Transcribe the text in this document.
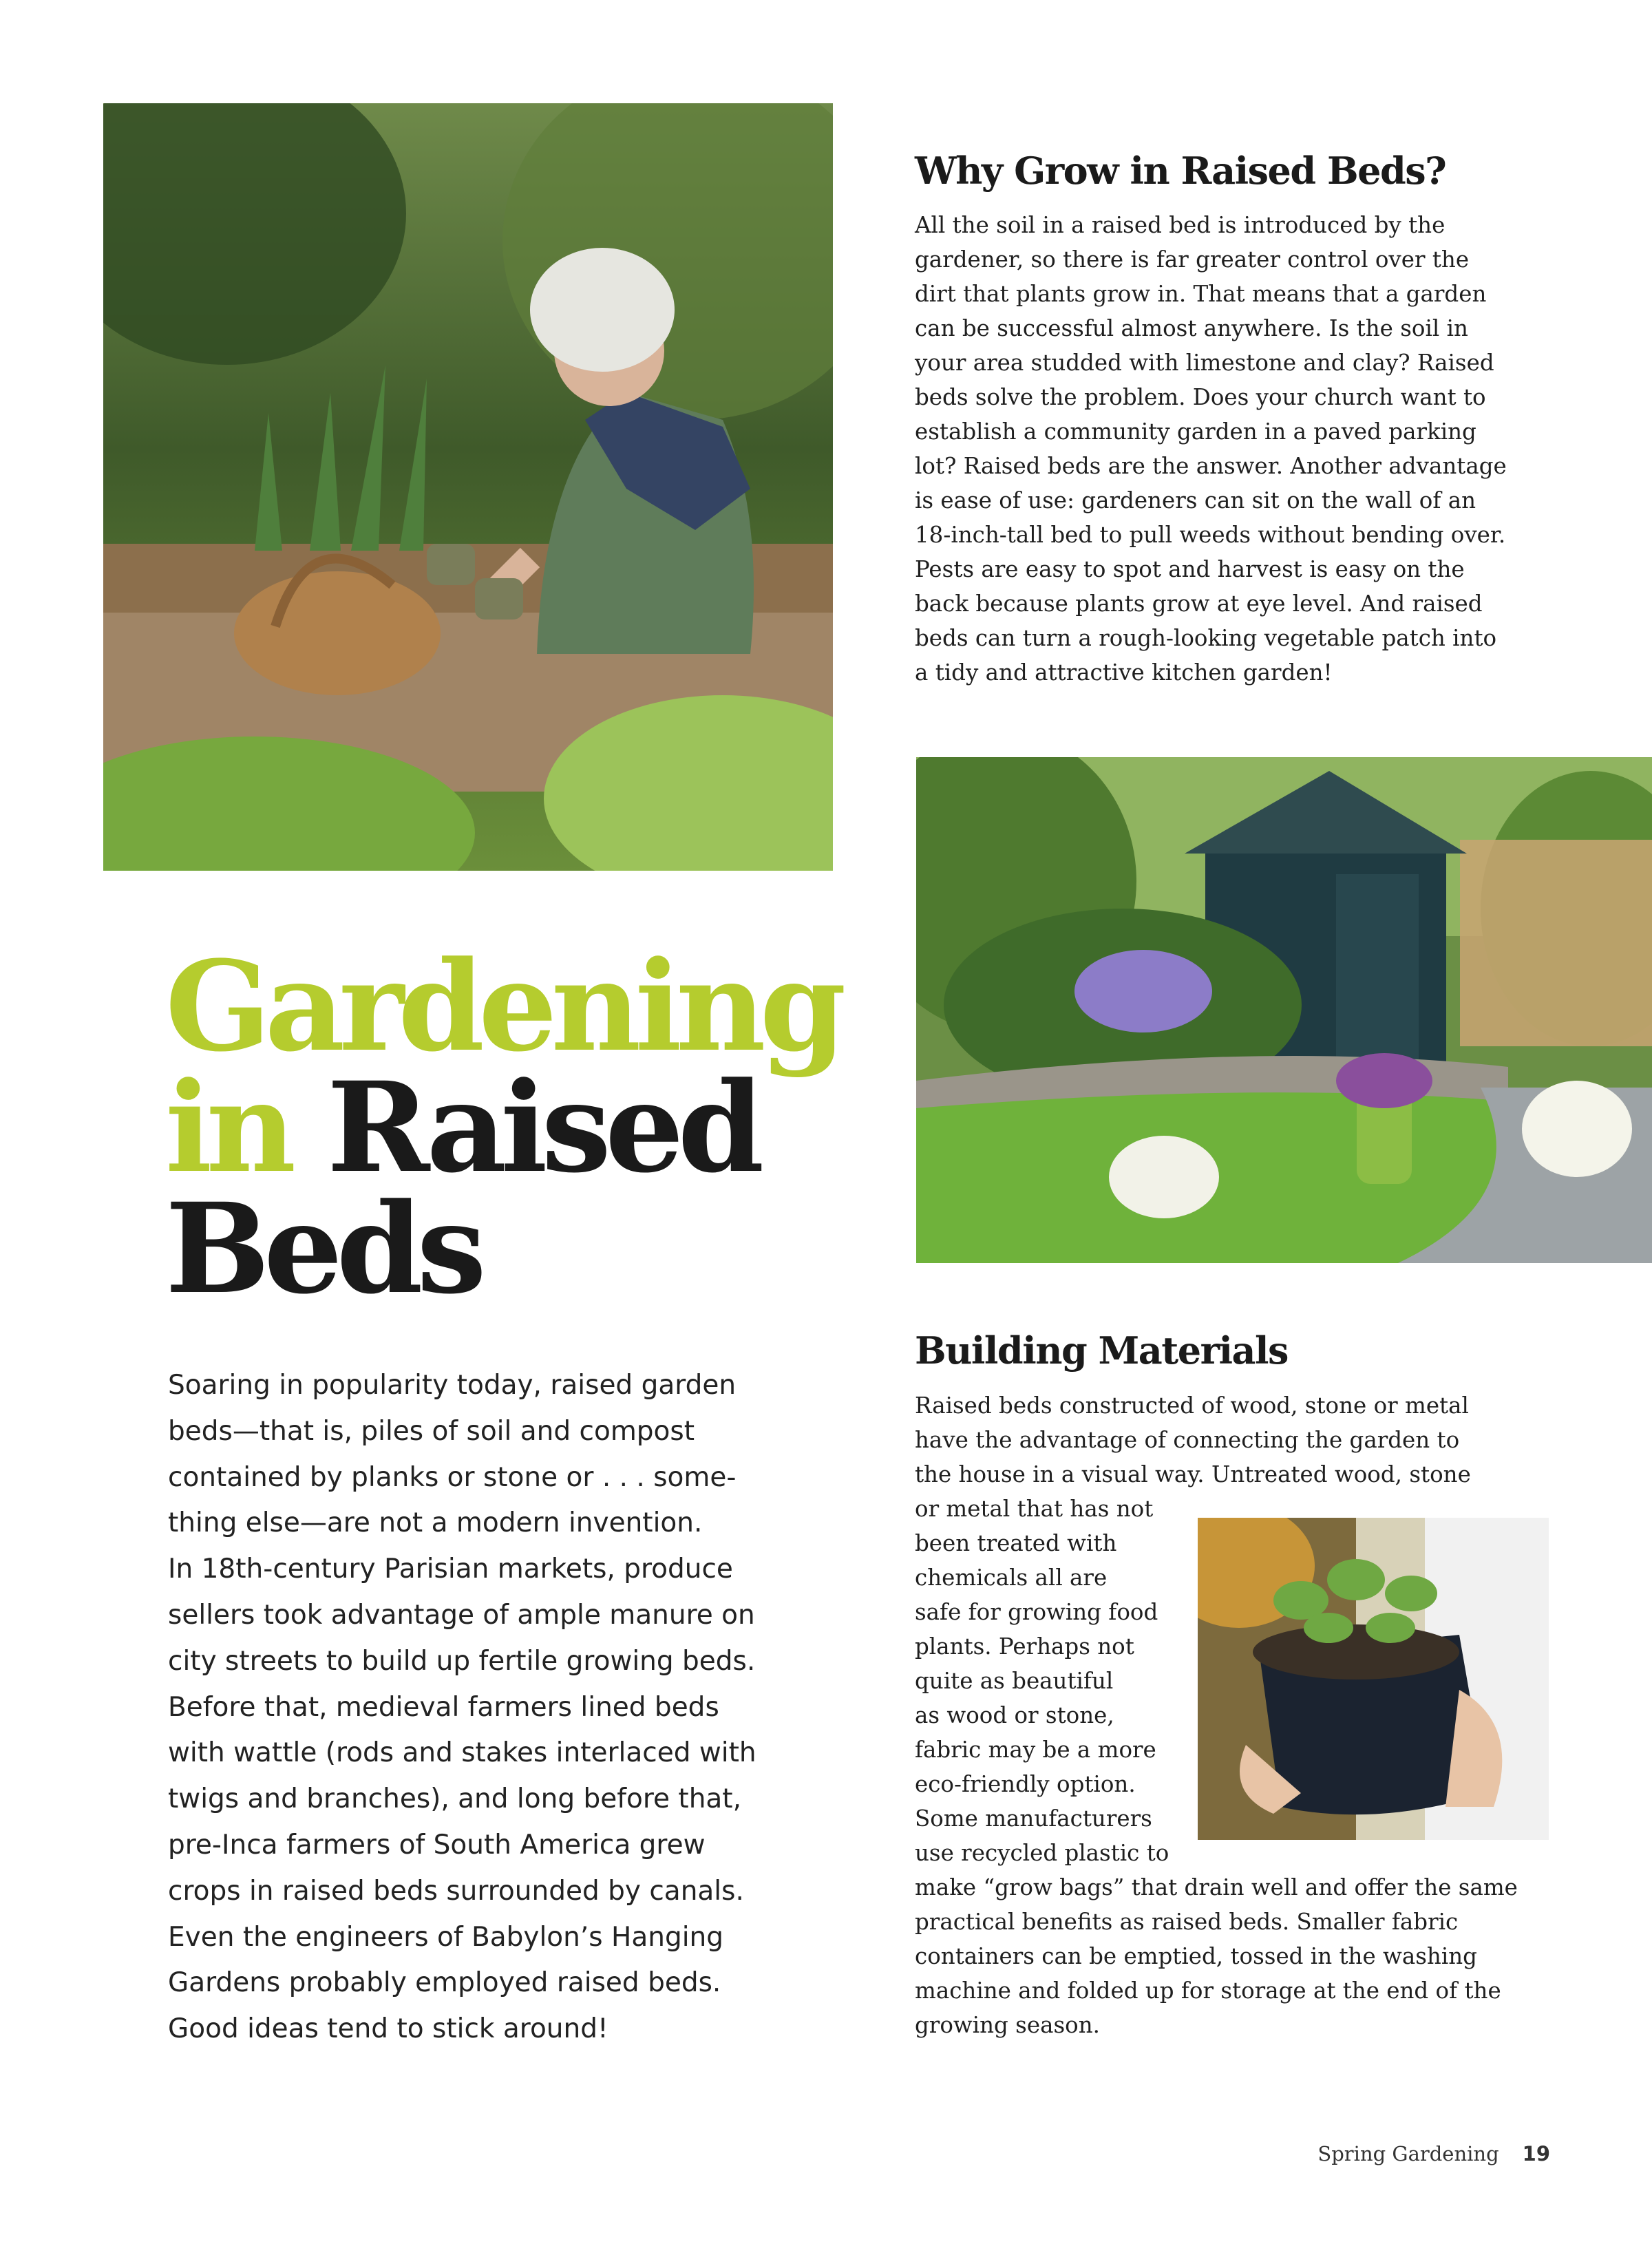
Gardening
in Raised
Beds
Soaring in popularity today, raised garden
beds—that is, piles of soil and compost
contained by planks or stone or . . . some-
thing else—are not a modern invention.
In 18th-century Parisian markets, produce
sellers took advantage of ample manure on
city streets to build up fertile growing beds.
Before that, medieval farmers lined beds
with wattle (rods and stakes interlaced with
twigs and branches), and long before that,
pre-Inca farmers of South America grew
crops in raised beds surrounded by canals.
Even the engineers of Babylon’s Hanging
Gardens probably employed raised beds.
Good ideas tend to stick around!
Why Grow in Raised Beds?
All the soil in a raised bed is introduced by the
gardener, so there is far greater control over the
dirt that plants grow in. That means that a garden
can be successful almost anywhere. Is the soil in
your area studded with limestone and clay? Raised
beds solve the problem. Does your church want to
establish a community garden in a paved parking
lot? Raised beds are the answer. Another advantage
is ease of use: gardeners can sit on the wall of an
18-inch-tall bed to pull weeds without bending over.
Pests are easy to spot and harvest is easy on the
back because plants grow at eye level. And raised
beds can turn a rough-looking vegetable patch into
a tidy and attractive kitchen garden!
Building Materials
Raised beds constructed of wood, stone or metal
have the advantage of connecting the garden to
the house in a visual way. Untreated wood, stone
or metal that has not
been treated with
chemicals all are
safe for growing food
plants. Perhaps not
quite as beautiful
as wood or stone,
fabric may be a more
eco-friendly option.
Some manufacturers
use recycled plastic to
make “grow bags” that drain well and offer the same
practical benefits as raised beds. Smaller fabric
containers can be emptied, tossed in the washing
machine and folded up for storage at the end of the
growing season.
Spring Gardening 19
